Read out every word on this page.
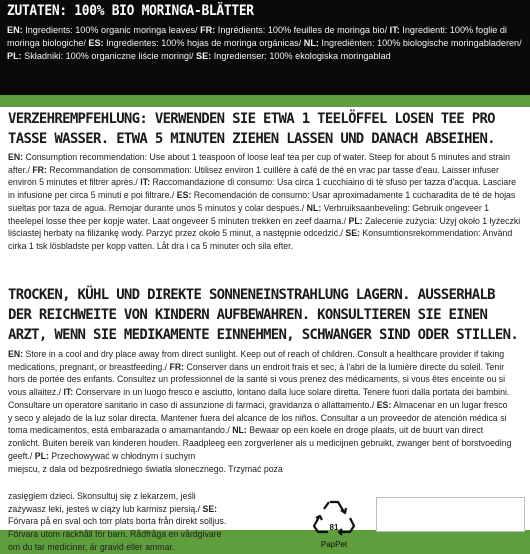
ZUTATEN: 100% BIO MORINGA-BLÄTTER
EN: Ingredients: 100% organic moringa leaves/ FR: Ingrédients: 100% feuilles de moringa bio/ IT: Ingredienti: 100% foglie di moringa biologiche/ ES: Ingredientes: 100% hojas de moringa orgánicas/ NL: Ingrediënten: 100% biologische moringabladeren/ PL: Składniki: 100% organiczne liście moringi/ SE: Ingredienser: 100% ekologiska moringablad
VERZEHREMPFEHLUNG: VERWENDEN SIE ETWA 1 TEELÖFFEL LOSEN TEE PRO TASSE WASSER. ETWA 5 MINUTEN ZIEHEN LASSEN UND DANACH ABSEIHEN.
EN: Consumption recommendation: Use about 1 teaspoon of loose leaf tea per cup of water. Steep for about 5 minutes and strain after./ FR: Recommandation de consommation: Utilisez environ 1 cuillère à café de thé en vrac par tasse d'eau. Laisser infuser environ 5 minutes et filtrer après./ IT: Raccomandazione di consumo: Usa circa 1 cucchiaino di tè sfuso per tazza d'acqua. Lasciare in infusione per circa 5 minuti e poi filtrare./ ES: Recomendación de consumo: Usar aproximadamente 1 cucharadita de té de hojas sueltas por taza de agua. Remojar durante unos 5 minutos y colar después./ NL: Verbruiksaanbeveling: Gebruik ongeveer 1 theelepel losse thee per kopje water. Laat ongeveer 5 minuten trekken en zeef daarna./ PL: Zalecenie zużycia: Użyj około 1 łyżeczki liściastej herbaty na filiżankę wody. Parzyć przez około 5 minut, a następnie odcedzić./ SE: Konsumtionsrekommendation: Använd cirka 1 tsk lösbladste per kopp vatten. Låt dra i ca 5 minuter och sila efter.
TROCKEN, KÜHL UND DIREKTE SONNENEINSTRAHLUNG LAGERN. AUSSERHALB DER REICHWEITE VON KINDERN AUFBEWAHREN. KONSULTIEREN SIE EINEN ARZT, WENN SIE MEDIKAMENTE EINNEHMEN, SCHWANGER SIND ODER STILLEN.
EN: Store in a cool and dry place away from direct sunlight. Keep out of reach of children. Consult a healthcare provider if taking medications, pregnant, or breastfeeding./ FR: Conserver dans un endroit frais et sec, à l'abri de la lumière directe du soleil. Tenir hors de portée des enfants. Consultez un professionnel de la santé si vous prenez des médicaments, si vous êtes enceinte ou si vous allaitez./ IT: Conservare in un luogo fresco e asciutto, lontano dalla luce solare diretta. Tenere fuori dalla portata dei bambini. Consultare un operatore sanitario in caso di assunzione di farmaci, gravidanza o allattamento./ ES: Almacenar en un lugar fresco y seco y alejado de la luz solar directa. Mantener fuera del alcance de los niños. Consultar a un proveedor de atención médica si toma medicamentos, está embarazada o amamantando./ NL: Bewaar op een koele en droge plaats, uit de buurt van direct zonlicht. Buiten bereik van kinderen houden. Raadpleeg een zorgverlener als u medicijnen gebruikt, zwanger bent of borstvoeding geeft./ PL: Przechowywać w chłodnym i suchym
miejscu, z dala od bezpośredniego światła słonecznego. Trzymać poza
zasięgiem dzieci. Skonsultuj się z lekarzem, jeśli zażywasz leki, jesteś w ciąży lub karmisz piersią./ SE: Förvara på en sval och torr plats borta från direkt solljus. Förvara utom räckhåll för barn. Rådfråga en vårdgivare om du tar mediciner, är gravid eller ammar.
81
PapPet
